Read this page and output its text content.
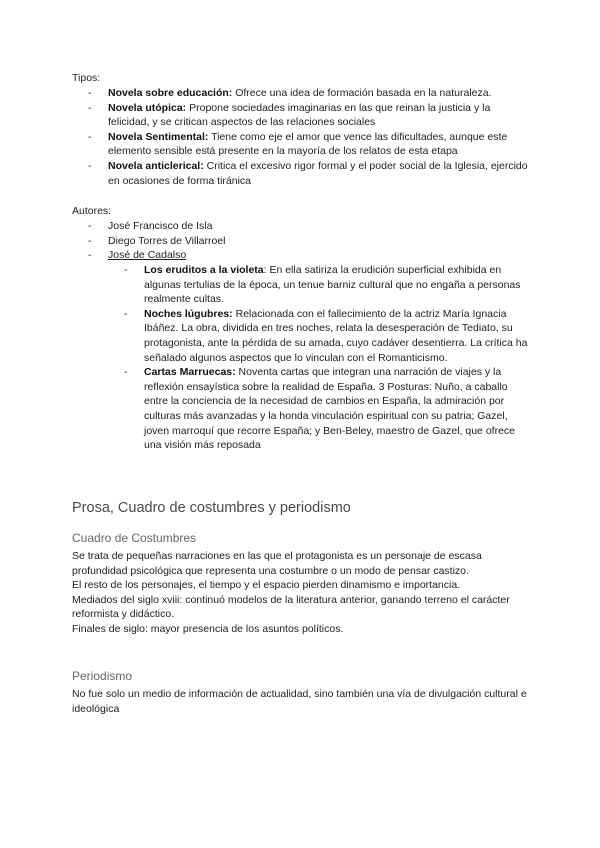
Tipos:
- Novela sobre educación: Ofrece una idea de formación basada en la naturaleza.
- Novela utópica: Propone sociedades imaginarias en las que reinan la justicia y la felicidad, y se critican aspectos de las relaciones sociales
- Novela Sentimental: Tiene como eje el amor que vence las dificultades, aunque este elemento sensible está presente en la mayoría de los relatos de esta etapa
- Novela anticlerical: Critica el excesivo rigor formal y el poder social de la Iglesia, ejercido en ocasiones de forma tiránica
Autores:
- José Francisco de Isla
- Diego Torres de Villarroel
- José de Cadalso
- Los eruditos a la violeta: En ella satiriza la erudición superficial exhibida en algunas tertulias de la época, un tenue barniz cultural que no engaña a personas realmente cultas.
- Noches lúgubres: Relacionada con el fallecimiento de la actriz María Ignacia Ibáñez. La obra, dividida en tres noches, relata la desesperación de Tediato, su protagonista, ante la pérdida de su amada, cuyo cadáver desentierra. La crítica ha señalado algunos aspectos que lo vinculan con el Romanticismo.
- Cartas Marruecas: Noventa cartas que integran una narración de viajes y la reflexión ensayística sobre la realidad de España. 3 Posturas: Nuño, a caballo entre la conciencia de la necesidad de cambios en España, la admiración por culturas más avanzadas y la honda vinculación espiritual con su patria; Gazel, joven marroquí que recorre España; y Ben-Beley, maestro de Gazel, que ofrece una visión más reposada
Prosa, Cuadro de costumbres y periodismo
Cuadro de Costumbres
Se trata de pequeñas narraciones en las que el protagonista es un personaje de escasa profundidad psicológica que representa una costumbre o un modo de pensar castizo.
El resto de los personajes, el tiempo y el espacio pierden dinamismo e importancia.
Mediados del siglo xviii: continuó modelos de la literatura anterior, ganando terreno el carácter reformista y didáctico.
Finales de siglo: mayor presencia de los asuntos políticos.
Periodismo
No fue solo un medio de información de actualidad, sino también una vía de divulgación cultural e ideológica
